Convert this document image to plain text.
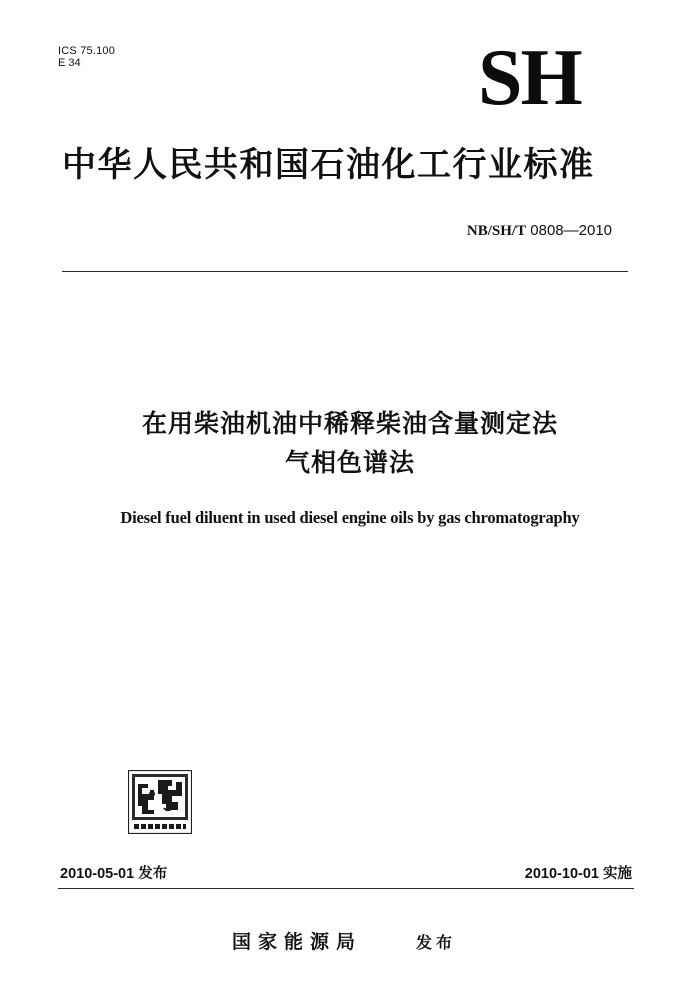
ICS 75.100
E 34	SH
中华人民共和国石油化工行业标准
NB/SH/T 0808—2010
在用柴油机油中稀释柴油含量测定法
气相色谱法
Diesel fuel diluent in used diesel engine oils by gas chromatography
2010-05-01 发布	2010-10-01 实施
国家能源局	发布
